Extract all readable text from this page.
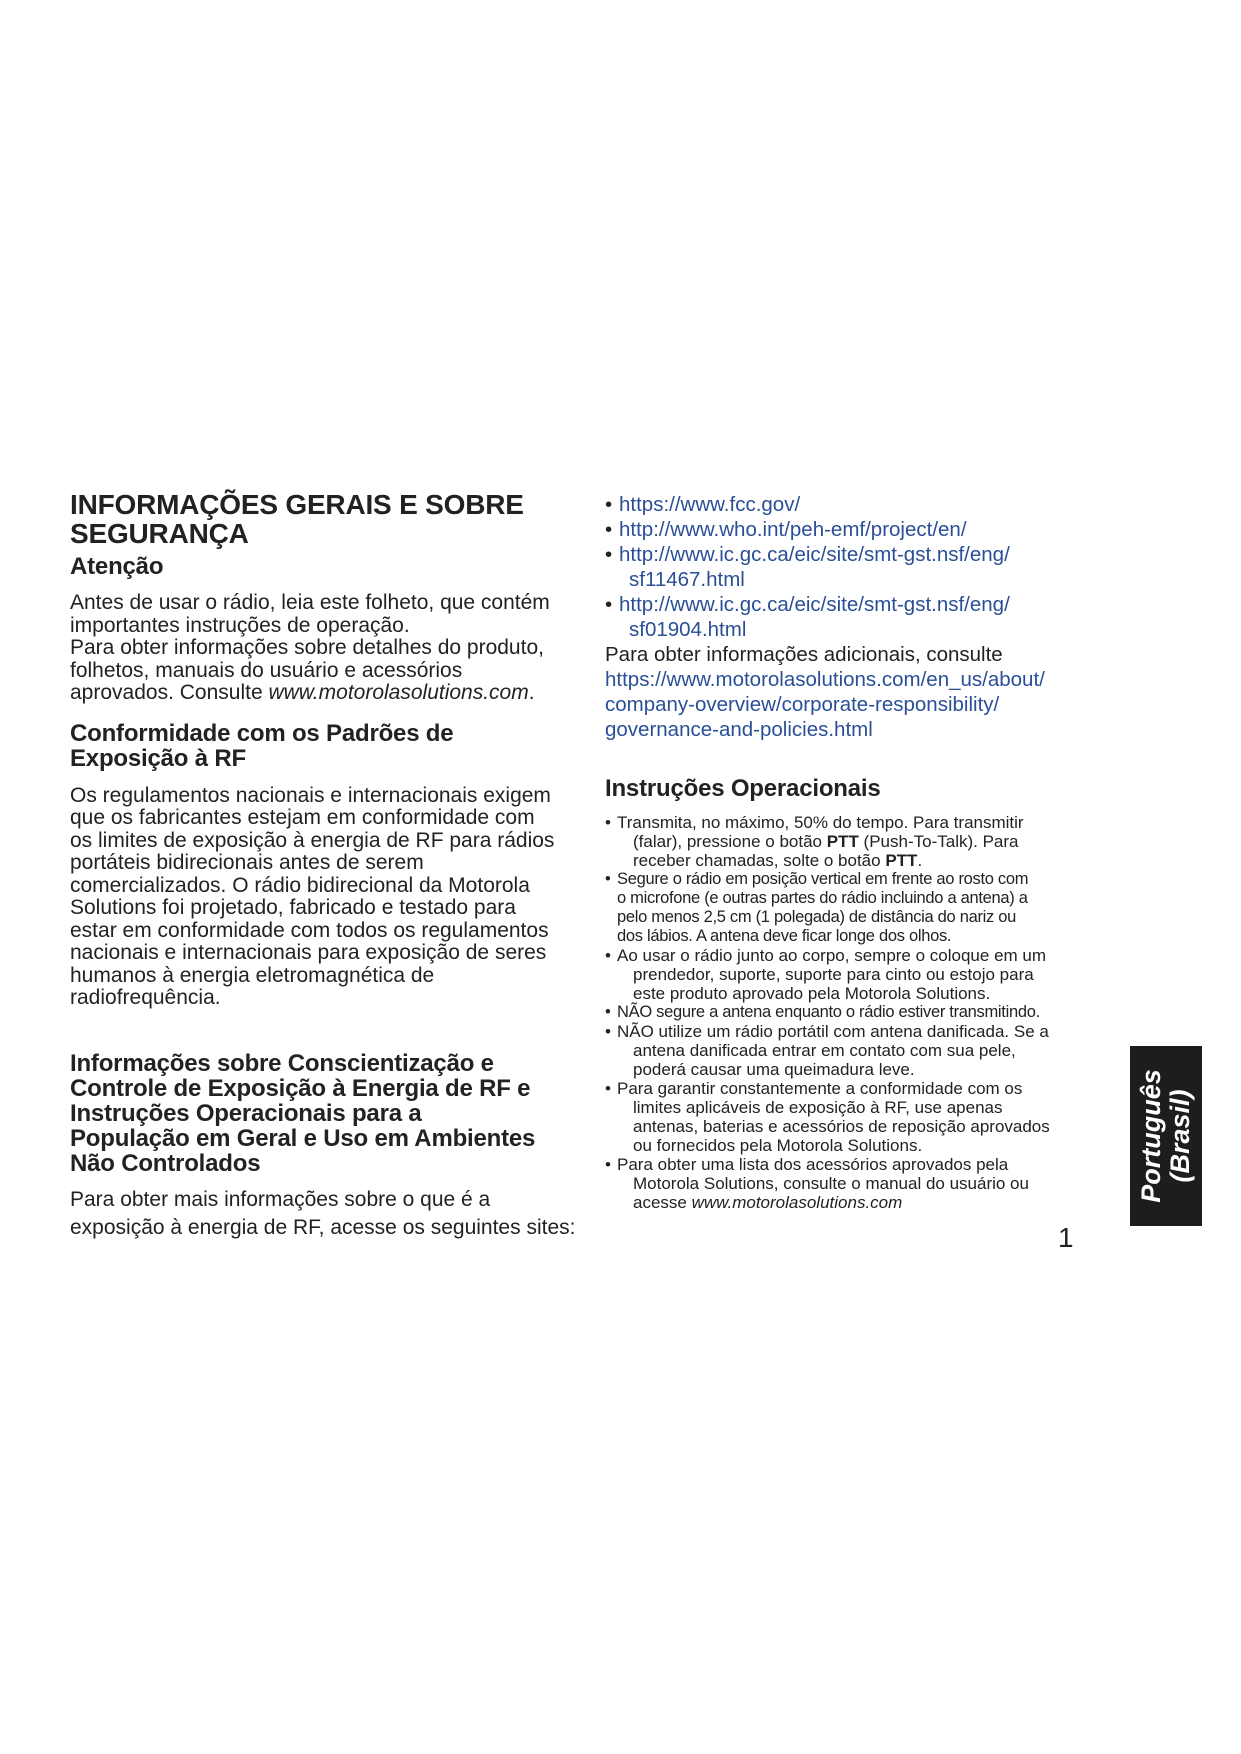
INFORMAÇÕES GERAIS E SOBRE
SEGURANÇA
Atenção
Antes de usar o rádio, leia este folheto, que contém
importantes instruções de operação.
Para obter informações sobre detalhes do produto,
folhetos, manuais do usuário e acessórios
aprovados. Consulte www.motorolasolutions.com.
Conformidade com os Padrões de
Exposição à RF
Os regulamentos nacionais e internacionais exigem
que os fabricantes estejam em conformidade com
os limites de exposição à energia de RF para rádios
portáteis bidirecionais antes de serem
comercializados. O rádio bidirecional da Motorola
Solutions foi projetado, fabricado e testado para
estar em conformidade com todos os regulamentos
nacionais e internacionais para exposição de seres
humanos à energia eletromagnética de
radiofrequência.
Informações sobre Conscientização e
Controle de Exposição à Energia de RF e
Instruções Operacionais para a
População em Geral e Uso em Ambientes
Não Controlados
Para obter mais informações sobre o que é a
exposição à energia de RF, acesse os seguintes sites:
• https://www.fcc.gov/
• http://www.who.int/peh-emf/project/en/
• http://www.ic.gc.ca/eic/site/smt-gst.nsf/eng/
sf11467.html
• http://www.ic.gc.ca/eic/site/smt-gst.nsf/eng/
sf01904.html
Para obter informações adicionais, consulte
https://www.motorolasolutions.com/en_us/about/
company-overview/corporate-responsibility/
governance-and-policies.html
Instruções Operacionais
• Transmita, no máximo, 50% do tempo. Para transmitir
(falar), pressione o botão PTT (Push-To-Talk). Para
receber chamadas, solte o botão PTT.
• Segure o rádio em posição vertical em frente ao rosto com
o microfone (e outras partes do rádio incluindo a antena) a
pelo menos 2,5 cm (1 polegada) de distância do nariz ou
dos lábios. A antena deve ficar longe dos olhos.
• Ao usar o rádio junto ao corpo, sempre o coloque em um
prendedor, suporte, suporte para cinto ou estojo para
este produto aprovado pela Motorola Solutions.
• NÃO segure a antena enquanto o rádio estiver transmitindo.
• NÃO utilize um rádio portátil com antena danificada. Se a
antena danificada entrar em contato com sua pele,
poderá causar uma queimadura leve.
• Para garantir constantemente a conformidade com os
limites aplicáveis de exposição à RF, use apenas
antenas, baterias e acessórios de reposição aprovados
ou fornecidos pela Motorola Solutions.
• Para obter uma lista dos acessórios aprovados pela
Motorola Solutions, consulte o manual do usuário ou
acesse www.motorolasolutions.com	Português (Brasil)
1
